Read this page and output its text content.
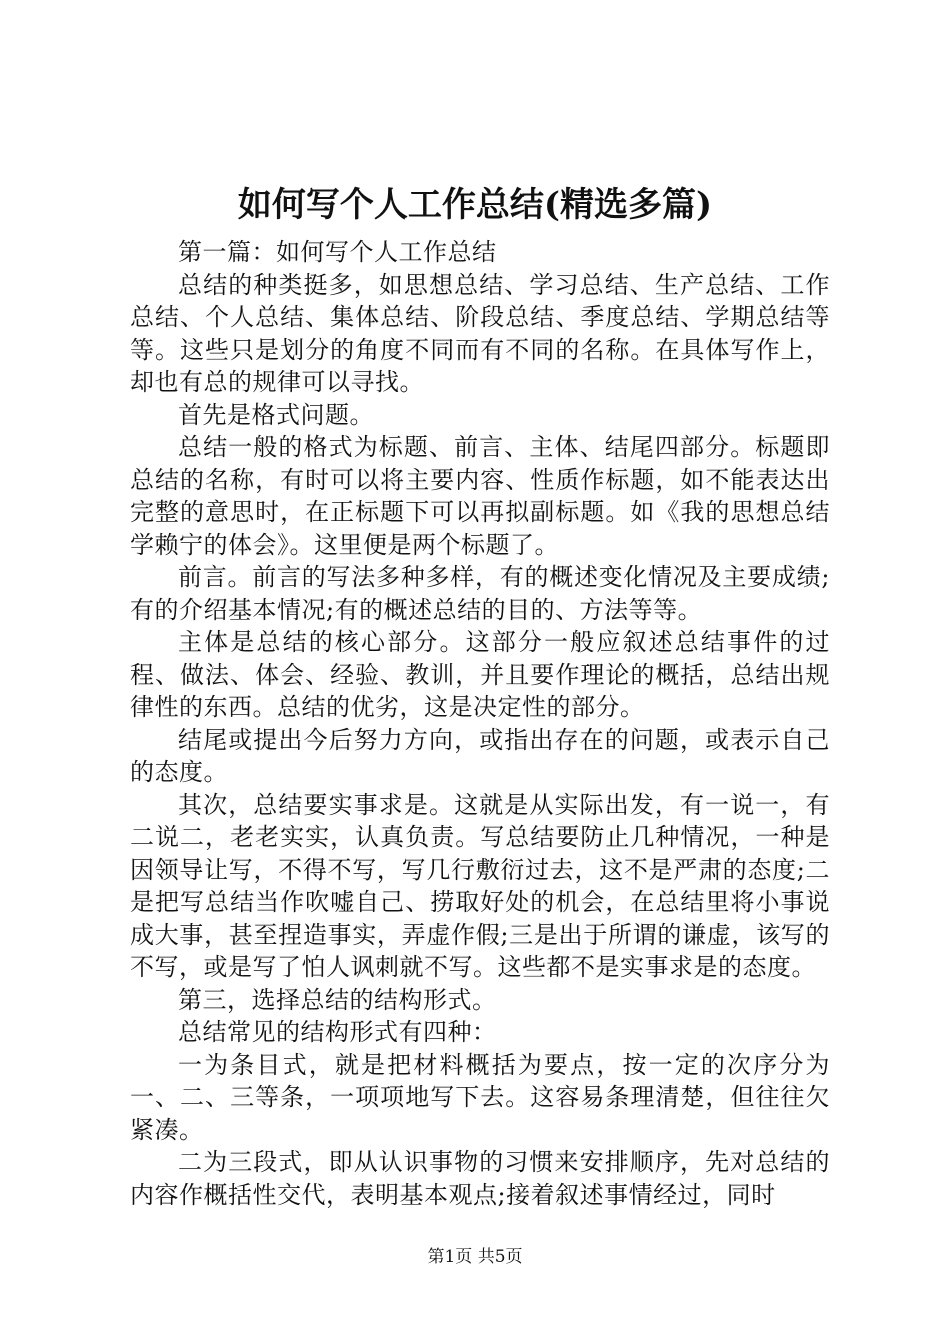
如何写个人工作总结(精选多篇)

第一篇：如何写个人工作总结

总结的种类挺多，如思想总结、学习总结、生产总结、工作总结、个人总结、集体总结、阶段总结、季度总结、学期总结等等。这些只是划分的角度不同而有不同的名称。在具体写作上，却也有总的规律可以寻找。

首先是格式问题。

总结一般的格式为标题、前言、主体、结尾四部分。标题即总结的名称，有时可以将主要内容、性质作标题，如不能表达出完整的意思时，在正标题下可以再拟副标题。如《我的思想总结学赖宁的体会》。这里便是两个标题了。

前言。前言的写法多种多样，有的概述变化情况及主要成绩;有的介绍基本情况;有的概述总结的目的、方法等等。

主体是总结的核心部分。这部分一般应叙述总结事件的过程、做法、体会、经验、教训，并且要作理论的概括，总结出规律性的东西。总结的优劣，这是决定性的部分。

结尾或提出今后努力方向，或指出存在的问题，或表示自己的态度。

其次，总结要实事求是。这就是从实际出发，有一说一，有二说二，老老实实，认真负责。写总结要防止几种情况，一种是因领导让写，不得不写，写几行敷衍过去，这不是严肃的态度;二是把写总结当作吹嘘自己、捞取好处的机会，在总结里将小事说成大事，甚至捏造事实，弄虚作假;三是出于所谓的谦虚，该写的不写，或是写了怕人讽刺就不写。这些都不是实事求是的态度。

第三，选择总结的结构形式。

总结常见的结构形式有四种：

一为条目式，就是把材料概括为要点，按一定的次序分为一、二、三等条，一项项地写下去。这容易条理清楚，但往往欠紧凑。

二为三段式，即从认识事物的习惯来安排顺序，先对总结的内容作概括性交代，表明基本观点;接着叙述事情经过，同时

第1页 共5页
